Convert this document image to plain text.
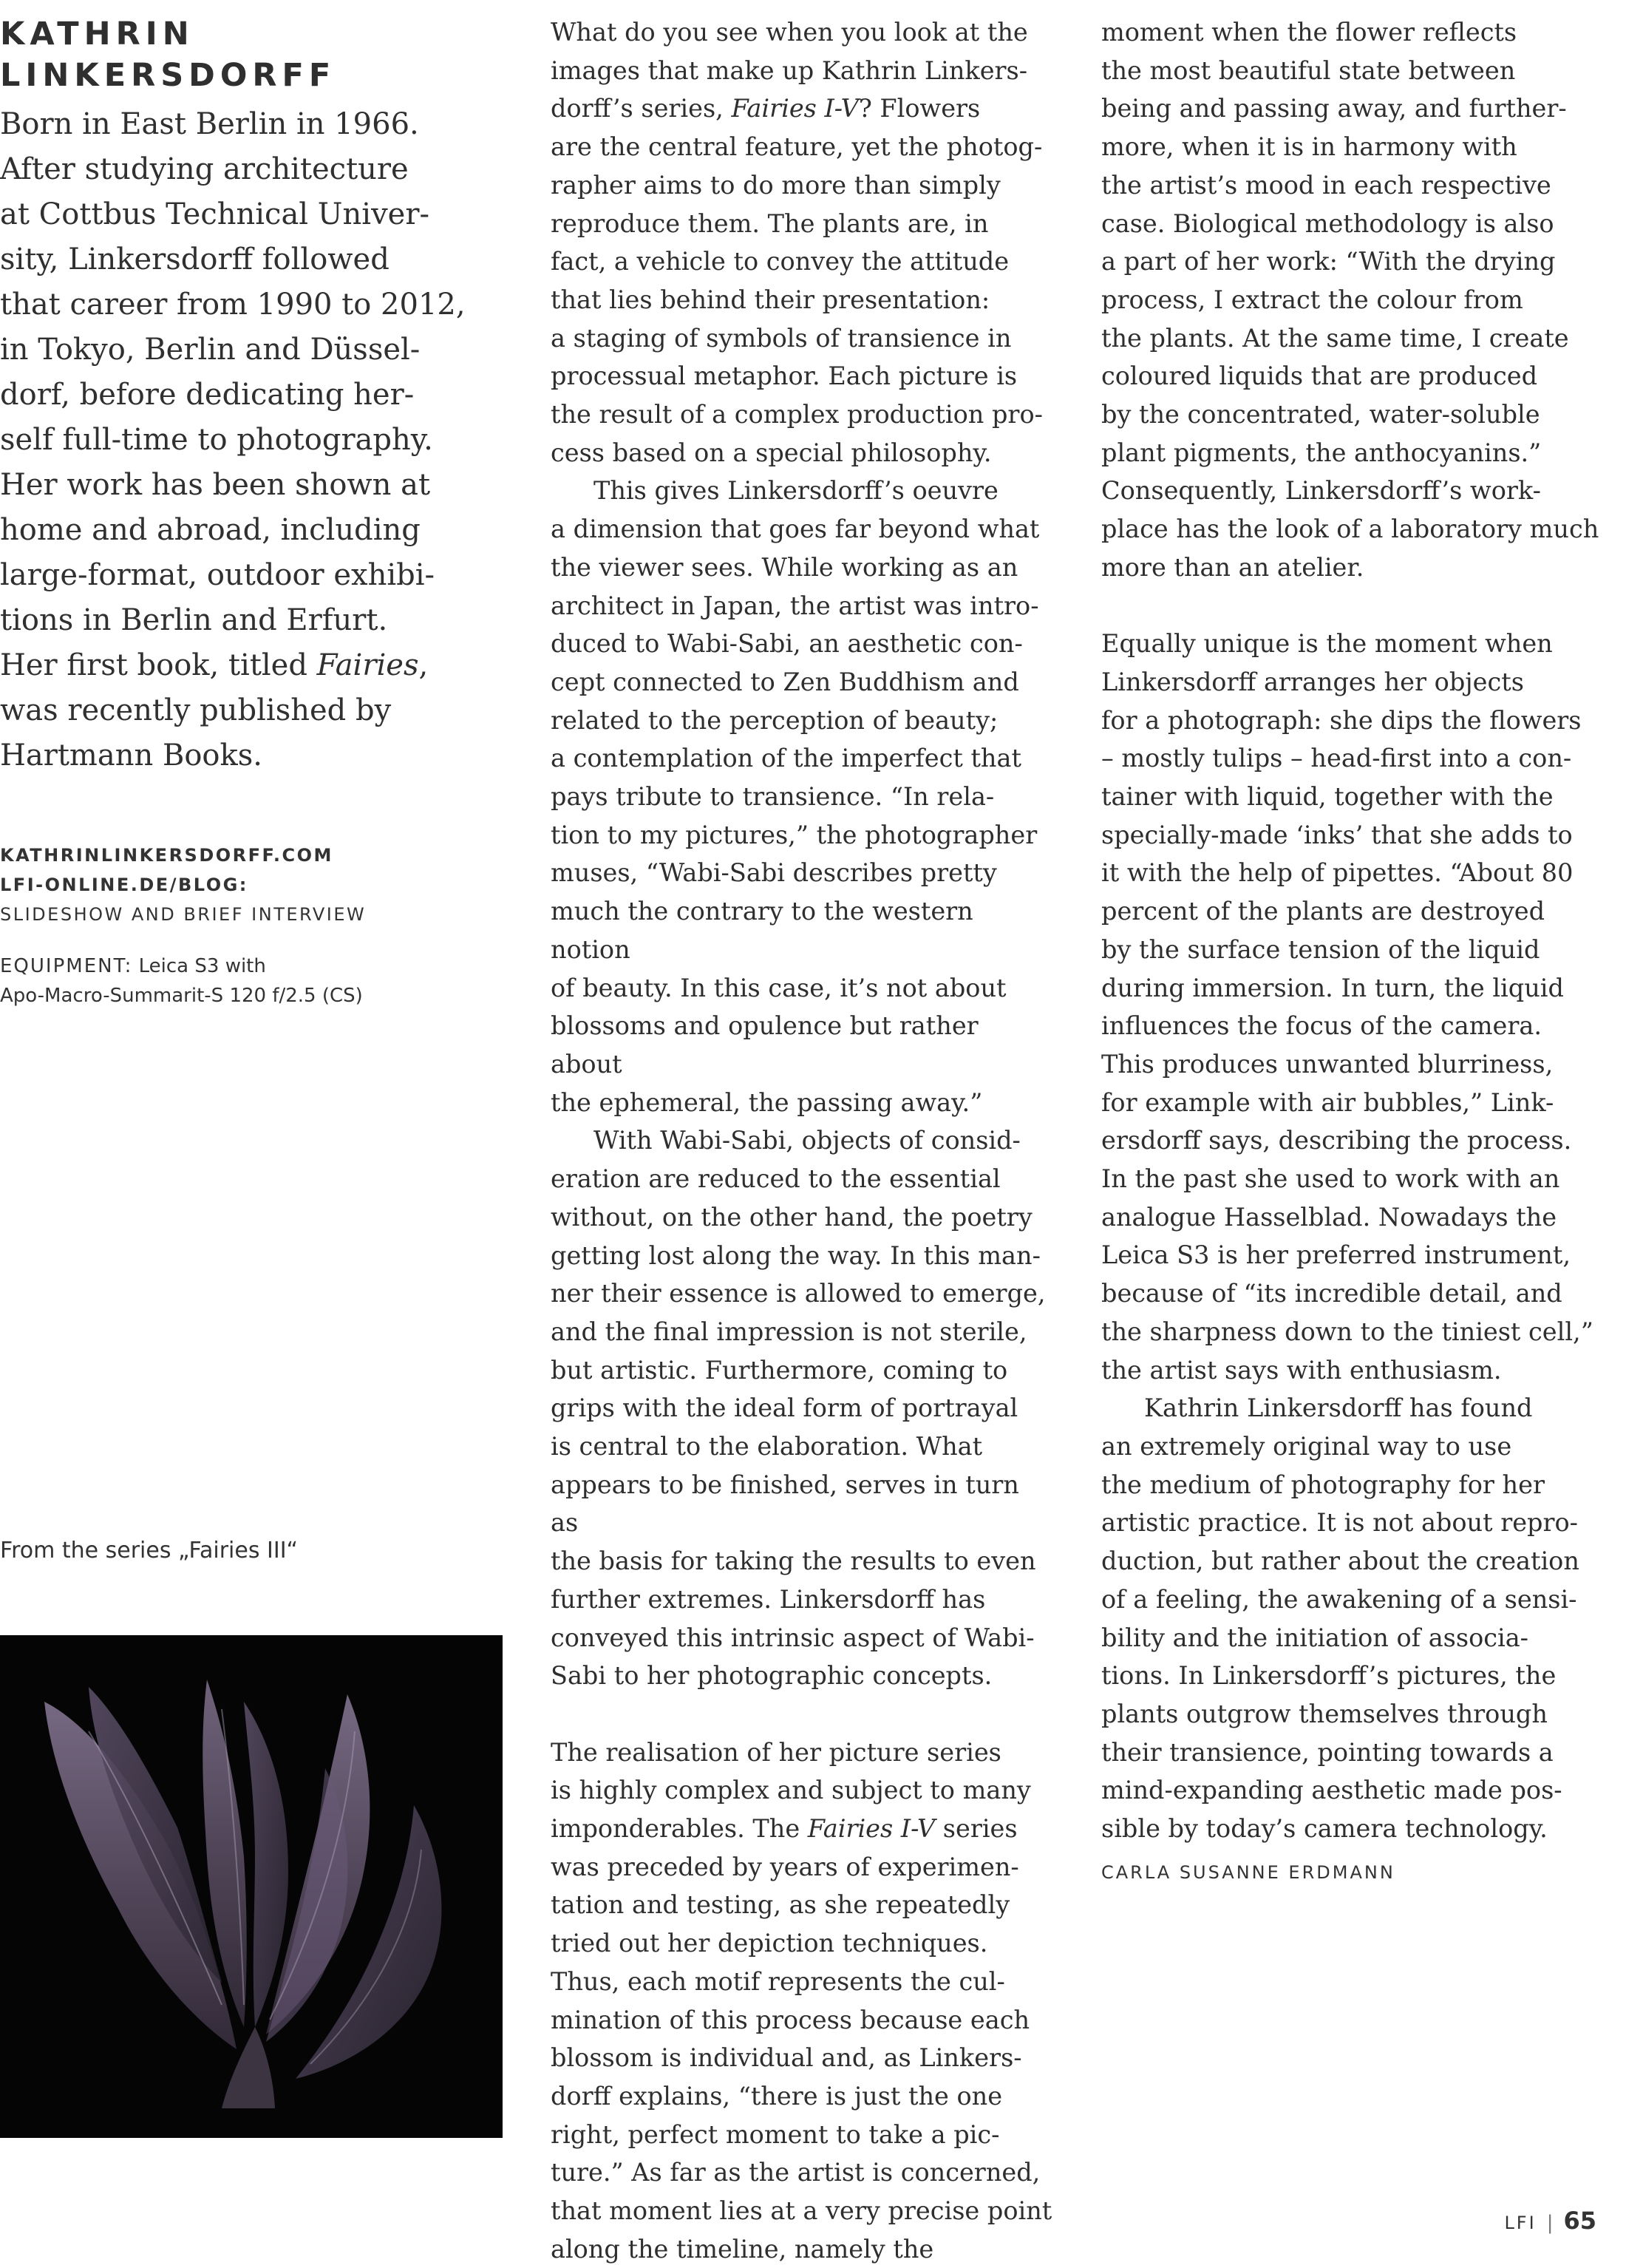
KATHRIN
LINKERSDORFF

Born in East Berlin in 1966.
After studying architecture
at Cottbus Technical Univer-
sity, Linkersdorff followed
that career from 1990 to 2012,
in Tokyo, Berlin and Düssel-
dorf, before dedicating her-
self full-time to photography.
Her work has been shown at
home and abroad, including
large-format, outdoor exhibi-
tions in Berlin and Erfurt.
Her first book, titled Fairies,
was recently published by
Hartmann Books.

KATHRINLINKERSDORFF.COM
LFI-ONLINE.DE/BLOG:
SLIDESHOW AND BRIEF INTERVIEW
EQUIPMENT: Leica S3 with
Apo-Macro-Summarit-S 120 f/2.5 (CS)
From the series „Fairies III“

What do you see when you look at the
images that make up Kathrin Linkers-
dorff’s series, Fairies I-V? Flowers
are the central feature, yet the photog-
rapher aims to do more than simply
reproduce them. The plants are, in
fact, a vehicle to convey the attitude
that lies behind their presentation:
a staging of symbols of transience in
processual metaphor. Each picture is
the result of a complex production pro-
cess based on a special philosophy.

This gives Linkersdorff’s oeuvre
a dimension that goes far beyond what
the viewer sees. While working as an
architect in Japan, the artist was intro-
duced to Wabi-Sabi, an aesthetic con-
cept connected to Zen Buddhism and
related to the perception of beauty;
a contemplation of the imperfect that
pays tribute to transience. “In rela-
tion to my pictures,” the photographer
muses, “Wabi-Sabi describes pretty
much the contrary to the western notion
of beauty. In this case, it’s not about
blossoms and opulence but rather about
the ephemeral, the passing away.”

With Wabi-Sabi, objects of consid-
eration are reduced to the essential
without, on the other hand, the poetry
getting lost along the way. In this man-
ner their essence is allowed to emerge,
and the final impression is not sterile,
but artistic. Furthermore, coming to
grips with the ideal form of portrayal
is central to the elaboration. What
appears to be finished, serves in turn as
the basis for taking the results to even
further extremes. Linkersdorff has
conveyed this intrinsic aspect of Wabi-
Sabi to her photographic concepts.

The realisation of her picture series
is highly complex and subject to many
imponderables. The Fairies I-V series
was preceded by years of experimen-
tation and testing, as she repeatedly
tried out her depiction techniques.
Thus, each motif represents the cul-
mination of this process because each
blossom is individual and, as Linkers-
dorff explains, “there is just the one
right, perfect moment to take a pic-
ture.” As far as the artist is concerned,
that moment lies at a very precise point
along the timeline, namely the

moment when the flower reflects
the most beautiful state between
being and passing away, and further-
more, when it is in harmony with
the artist’s mood in each respective
case. Biological methodology is also
a part of her work: “With the drying
process, I extract the colour from
the plants. At the same time, I create
coloured liquids that are produced
by the concentrated, water-soluble
plant pigments, the anthocyanins.”
Consequently, Linkersdorff’s work-
place has the look of a laboratory much
more than an atelier.

Equally unique is the moment when
Linkersdorff arranges her objects
for a photograph: she dips the flowers
– mostly tulips – head-first into a con-
tainer with liquid, together with the
specially-made ‘inks’ that she adds to
it with the help of pipettes. “About 80
percent of the plants are destroyed
by the surface tension of the liquid
during immersion. In turn, the liquid
influences the focus of the camera.
This produces unwanted blurriness,
for example with air bubbles,” Link-
ersdorff says, describing the process.
In the past she used to work with an
analogue Hasselblad. Nowadays the
Leica S3 is her preferred instrument,
because of “its incredible detail, and
the sharpness down to the tiniest cell,”
the artist says with enthusiasm.

Kathrin Linkersdorff has found
an extremely original way to use
the medium of photography for her
artistic practice. It is not about repro-
duction, but rather about the creation
of a feeling, the awakening of a sensi-
bility and the initiation of associa-
tions. In Linkersdorff’s pictures, the
plants outgrow themselves through
their transience, pointing towards a
mind-expanding aesthetic made pos-
sible by today’s camera technology.

CARLA SUSANNE ERDMANN
LFI | 65
